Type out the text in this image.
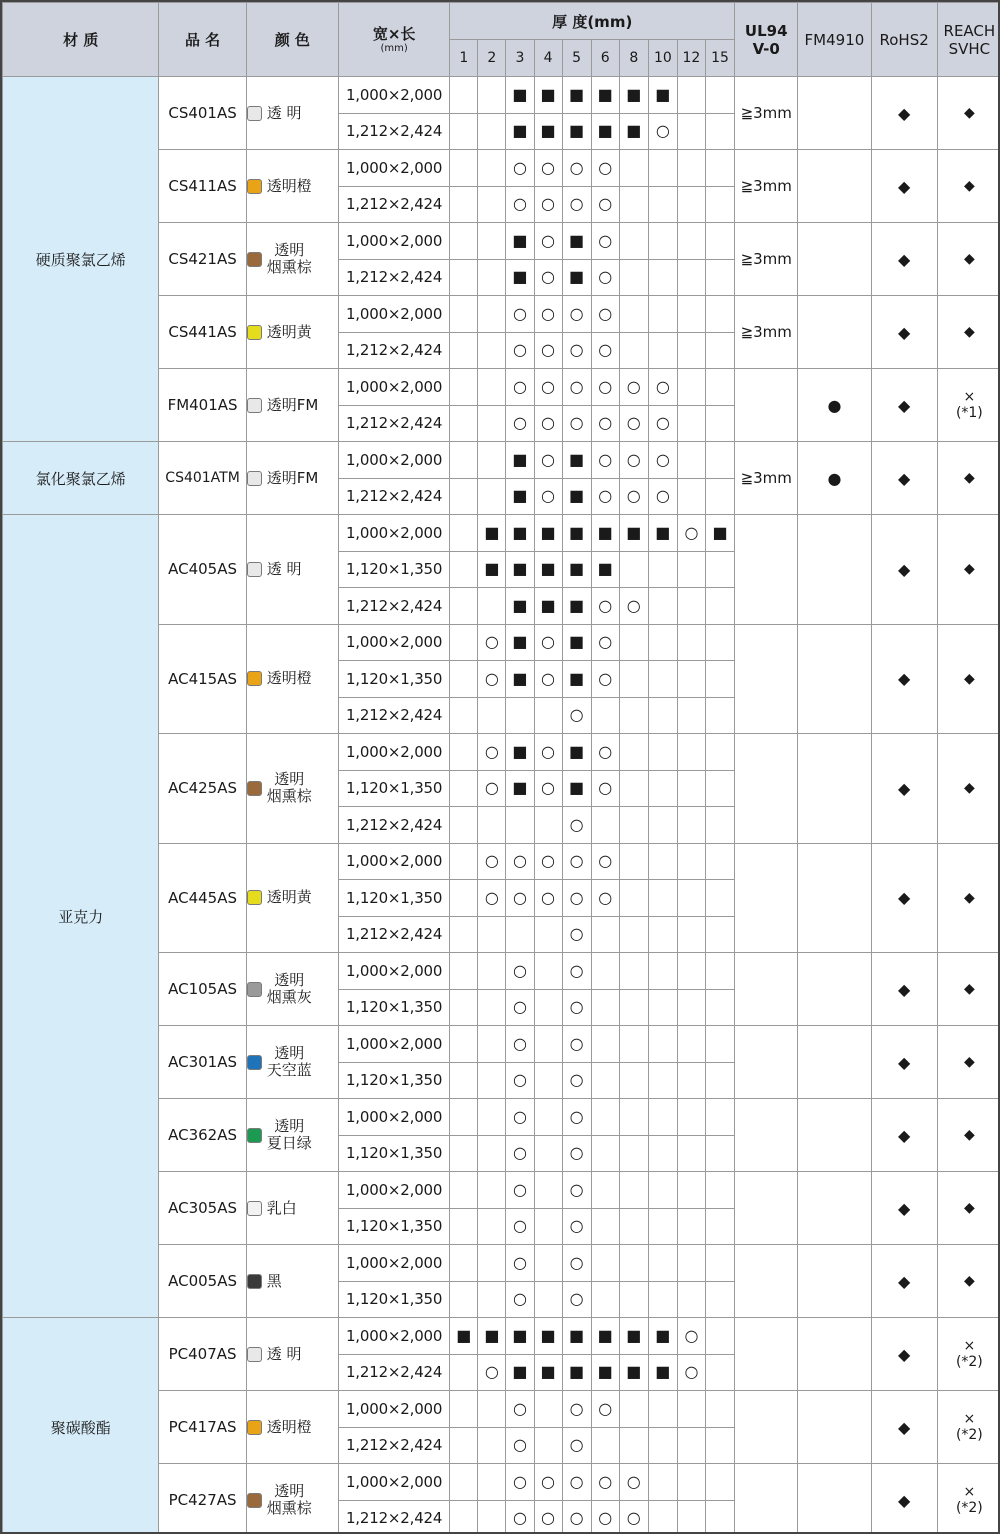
材 质	品 名	颜 色	宽×长
(mm)	厚 度(mm)										UL94
V-0	FM4910	RoHS2	REACH
SVHC
				1	2	3	4	5	6	8	10	12	15				
硬质聚氯乙烯	CS401AS	透 明	1,000×2,000			■	■	■	■	■	■			≧3mm		◆	◆
			1,212×2,424			■	■	■	■	■	○						
	CS411AS	透明橙	1,000×2,000			○	○	○	○					≧3mm		◆	◆
			1,212×2,424			○	○	○	○								
	CS421AS	透明
烟熏棕	1,000×2,000			■	○	■	○					≧3mm		◆	◆
			1,212×2,424			■	○	■	○								
	CS441AS	透明黄	1,000×2,000			○	○	○	○					≧3mm		◆	◆
			1,212×2,424			○	○	○	○								
	FM401AS	透明FM	1,000×2,000			○	○	○	○	○	○				●	◆	×
(*1)
			1,212×2,424			○	○	○	○	○	○						
氯化聚氯乙烯	CS401ATM	透明FM	1,000×2,000			■	○	■	○	○	○			≧3mm	●	◆	◆
			1,212×2,424			■	○	■	○	○	○						
亚克力	AC405AS	透 明	1,000×2,000		■	■	■	■	■	■	■	○	■			◆	◆
			1,120×1,350		■	■	■	■	■								
			1,212×2,424			■	■	■	○	○							
	AC415AS	透明橙	1,000×2,000		○	■	○	■	○							◆	◆
			1,120×1,350		○	■	○	■	○								
			1,212×2,424					○									
	AC425AS	透明
烟熏棕	1,000×2,000		○	■	○	■	○							◆	◆
			1,120×1,350		○	■	○	■	○								
			1,212×2,424					○									
	AC445AS	透明黄	1,000×2,000		○	○	○	○	○							◆	◆
			1,120×1,350		○	○	○	○	○								
			1,212×2,424					○									
	AC105AS	透明
烟熏灰	1,000×2,000			○		○								◆	◆
			1,120×1,350			○		○									
	AC301AS	透明
天空蓝	1,000×2,000			○		○								◆	◆
			1,120×1,350			○		○									
	AC362AS	透明
夏日绿	1,000×2,000			○		○								◆	◆
			1,120×1,350			○		○									
	AC305AS	乳白	1,000×2,000			○		○								◆	◆
			1,120×1,350			○		○									
	AC005AS	黑	1,000×2,000			○		○								◆	◆
			1,120×1,350			○		○									
聚碳酸酯	PC407AS	透 明	1,000×2,000	■	■	■	■	■	■	■	■	○				◆	×
(*2)
			1,212×2,424		○	■	■	■	■	■	■	○					
	PC417AS	透明橙	1,000×2,000			○		○	○							◆	×
(*2)
			1,212×2,424			○		○									
	PC427AS	透明
烟熏棕	1,000×2,000			○	○	○	○	○						◆	×
(*2)
			1,212×2,424			○	○	○	○	○							
